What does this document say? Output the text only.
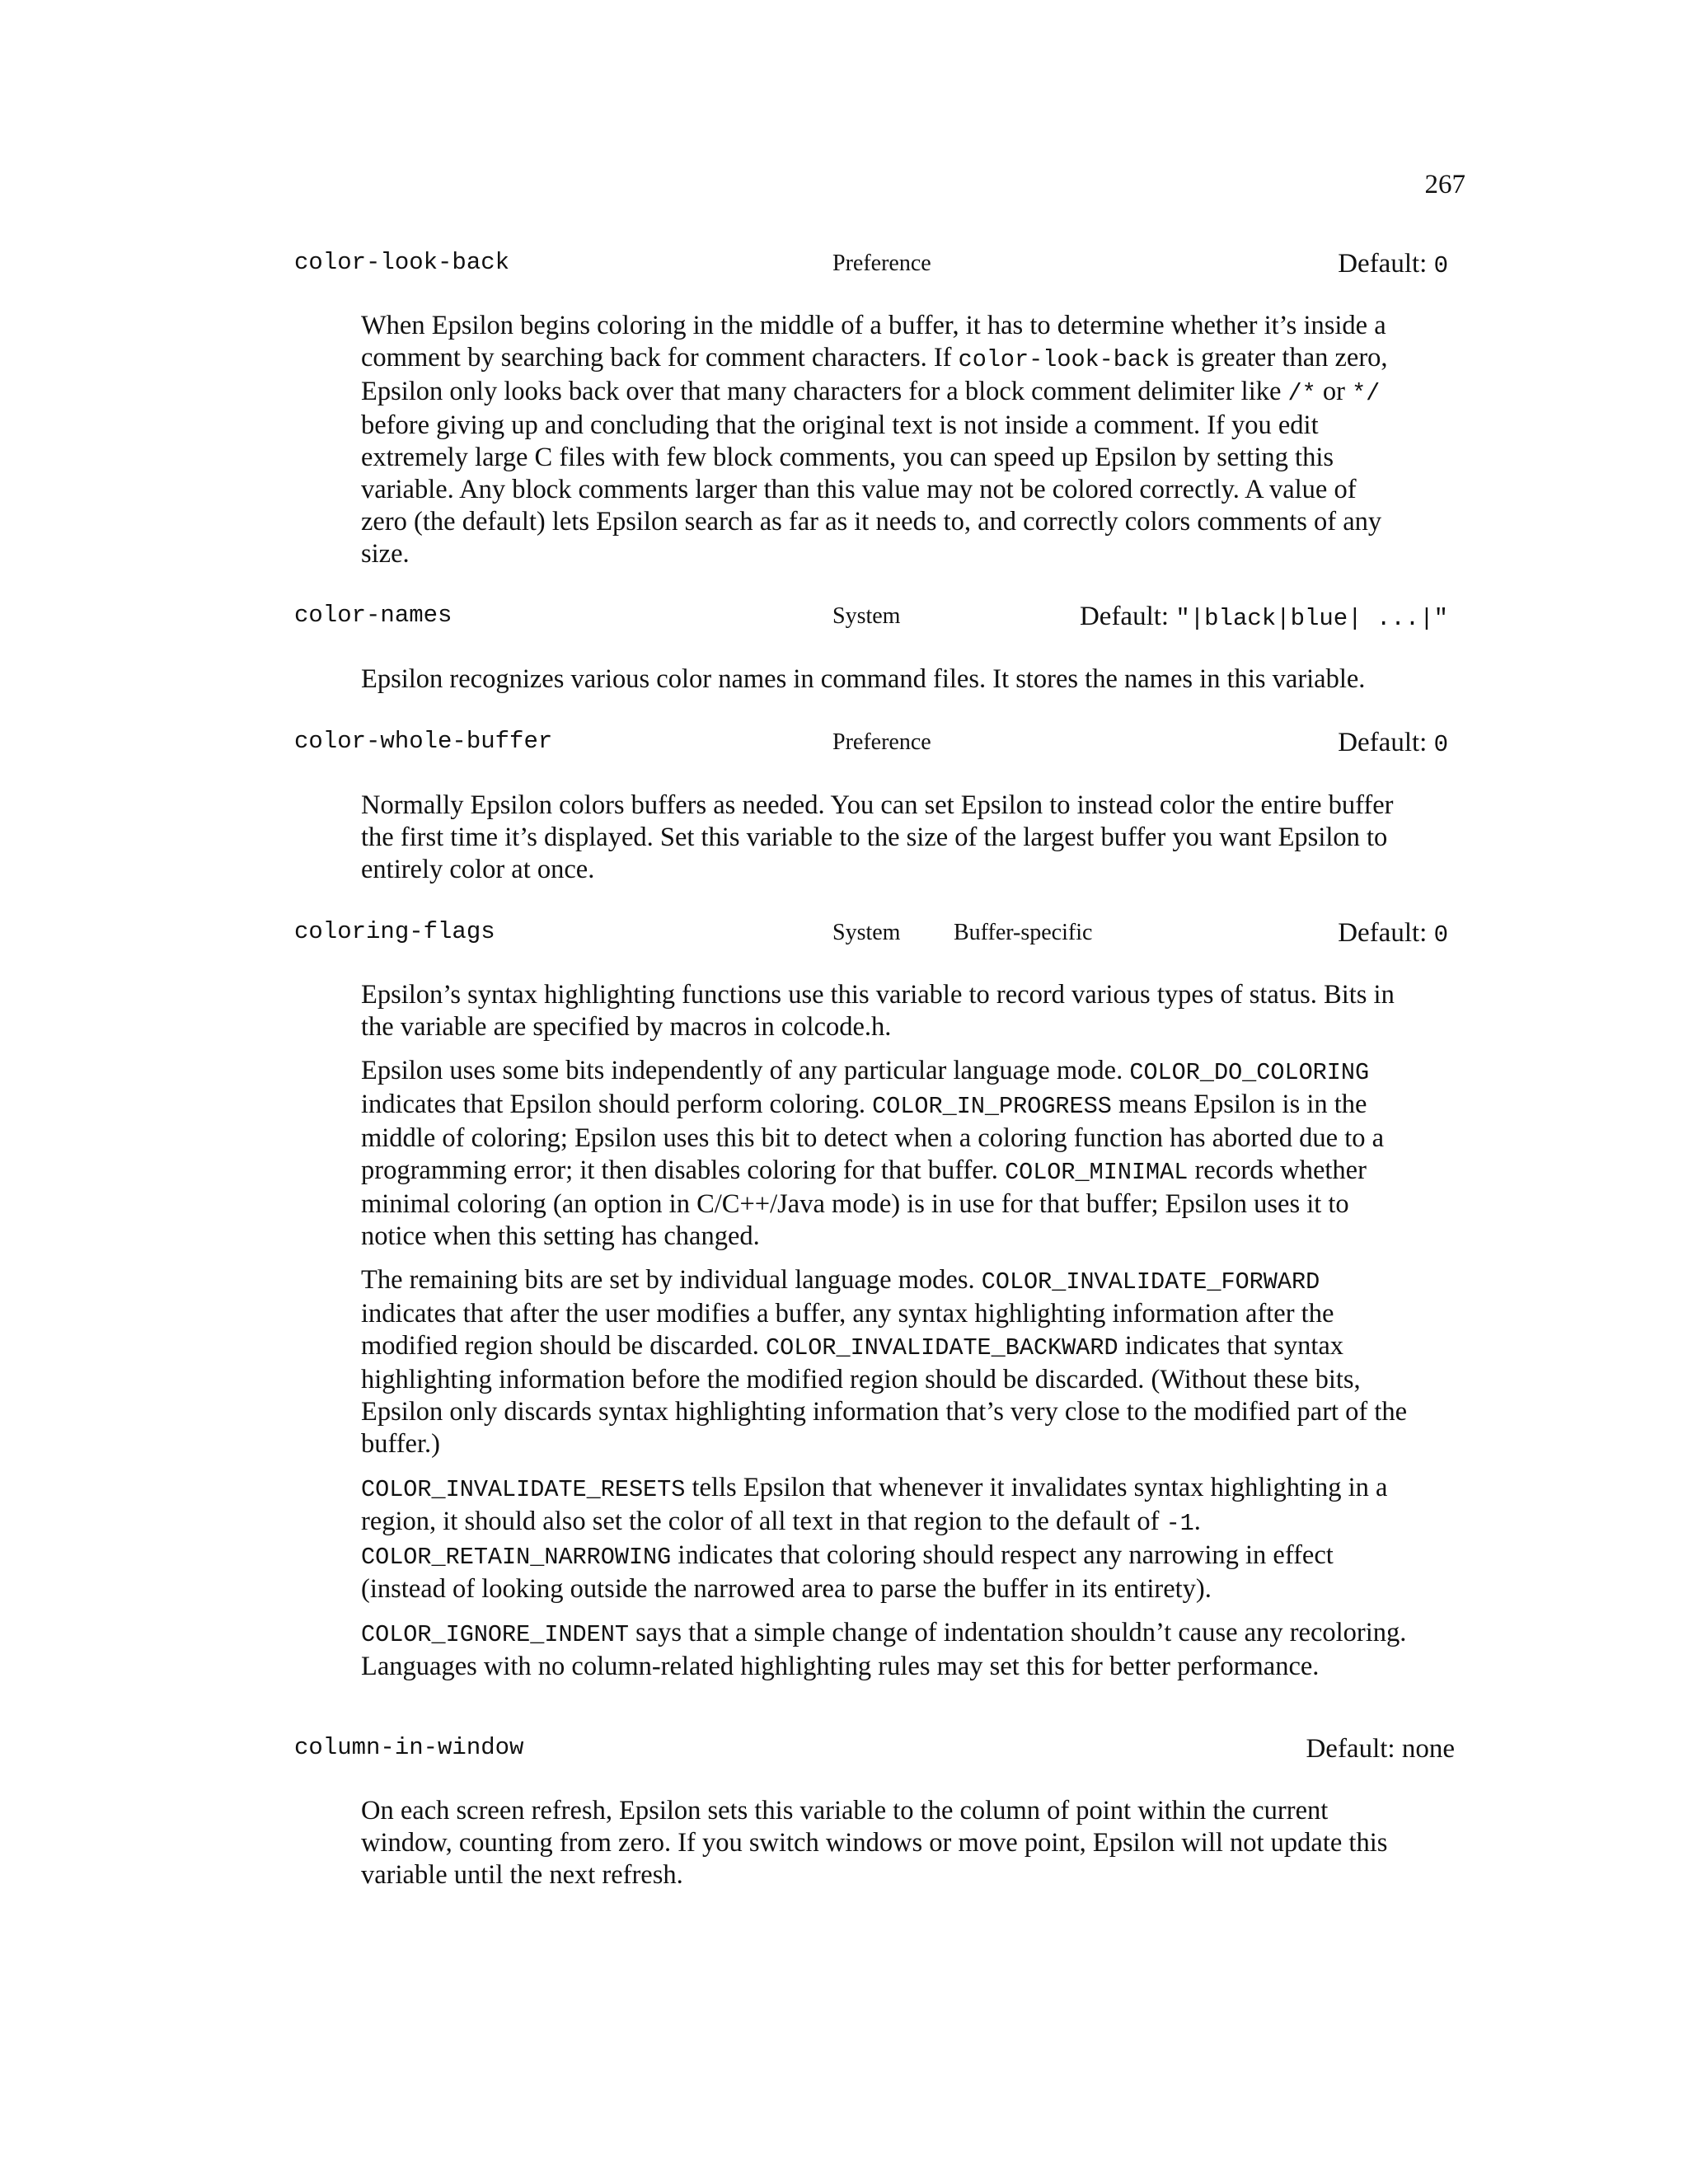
267
color-look-back	Preference	Default: 0

When Epsilon begins coloring in the middle of a buffer, it has to determine whether it’s inside a comment by searching back for comment characters. If color-look-back is greater than zero, Epsilon only looks back over that many characters for a block comment delimiter like /* or */ before giving up and concluding that the original text is not inside a comment. If you edit extremely large C files with few block comments, you can speed up Epsilon by setting this variable. Any block comments larger than this value may not be colored correctly. A value of zero (the default) lets Epsilon search as far as it needs to, and correctly colors comments of any size.

color-names	System	Default: "|black|blue| ...|"

Epsilon recognizes various color names in command files. It stores the names in this variable.

color-whole-buffer	Preference	Default: 0

Normally Epsilon colors buffers as needed. You can set Epsilon to instead color the entire buffer the first time it’s displayed. Set this variable to the size of the largest buffer you want Epsilon to entirely color at once.

coloring-flags	System Buffer-specific	Default: 0

Epsilon’s syntax highlighting functions use this variable to record various types of status. Bits in the variable are specified by macros in colcode.h.

Epsilon uses some bits independently of any particular language mode. COLOR_DO_COLORING indicates that Epsilon should perform coloring. COLOR_IN_PROGRESS means Epsilon is in the middle of coloring; Epsilon uses this bit to detect when a coloring function has aborted due to a programming error; it then disables coloring for that buffer. COLOR_MINIMAL records whether minimal coloring (an option in C/C++/Java mode) is in use for that buffer; Epsilon uses it to notice when this setting has changed.

The remaining bits are set by individual language modes. COLOR_INVALIDATE_FORWARD indicates that after the user modifies a buffer, any syntax highlighting information after the modified region should be discarded. COLOR_INVALIDATE_BACKWARD indicates that syntax highlighting information before the modified region should be discarded. (Without these bits, Epsilon only discards syntax highlighting information that’s very close to the modified part of the buffer.)

COLOR_INVALIDATE_RESETS tells Epsilon that whenever it invalidates syntax highlighting in a region, it should also set the color of all text in that region to the default of -1. COLOR_RETAIN_NARROWING indicates that coloring should respect any narrowing in effect (instead of looking outside the narrowed area to parse the buffer in its entirety).

COLOR_IGNORE_INDENT says that a simple change of indentation shouldn’t cause any recoloring. Languages with no column-related highlighting rules may set this for better performance.

column-in-window	Default: none

On each screen refresh, Epsilon sets this variable to the column of point within the current window, counting from zero. If you switch windows or move point, Epsilon will not update this variable until the next refresh.
